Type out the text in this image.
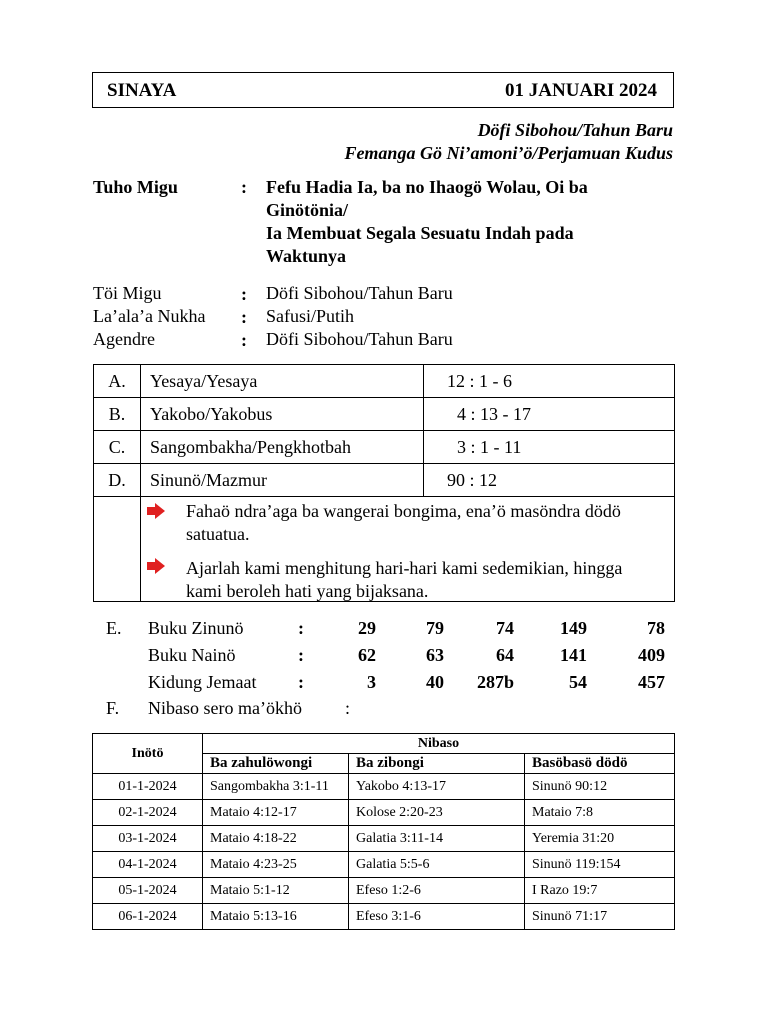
SINAYA	01 JANUARI 2024
Döfi Sibohou/Tahun Baru
Femanga Gö Ni’amoni’ö/Perjamuan Kudus
Tuho Migu	: Fefu Hadia Ia, ba no Ihaogö Wolau, Oi ba
Ginötönia/
Ia Membuat Segala Sesuatu Indah pada
Waktunya
Töi Migu	: Döfi Sibohou/Tahun Baru
La’ala’a Nukha : Safusi/Putih
Agendre	: Döfi Sibohou/Tahun Baru
A.	Yesaya/Yesaya	12 : 1 - 6
B.	Yakobo/Yakobus	4 : 13 - 17
C.	Sangombakha/Pengkhotbah	3 : 1 - 11
D.	Sinunö/Mazmur	90 : 12

Fahaö ndra’aga ba wangerai bongima, ena’ö masöndra dödö
satuatua.
Ajarlah kami menghitung hari-hari kami sedemikian, hingga
kami beroleh hati yang bijaksana.
E. Buku Zinunö	:	29	79	74	149	78
Buku Nainö	:	62	63	64	141	409
Kidung Jemaat :	3	40	287b	54	457
F. Nibaso sero ma’ökhö :
Inötö	Nibaso		
	Ba zahulöwongi	Ba zibongi	Basöbasö dödö
01-1-2024	Sangombakha 3:1-11	Yakobo 4:13-17	Sinunö 90:12
02-1-2024	Mataio 4:12-17	Kolose 2:20-23	Mataio 7:8
03-1-2024	Mataio 4:18-22	Galatia 3:11-14	Yeremia 31:20
04-1-2024	Mataio 4:23-25	Galatia 5:5-6	Sinunö 119:154
05-1-2024	Mataio 5:1-12	Efeso 1:2-6	I Razo 19:7
06-1-2024	Mataio 5:13-16	Efeso 3:1-6	Sinunö 71:17
